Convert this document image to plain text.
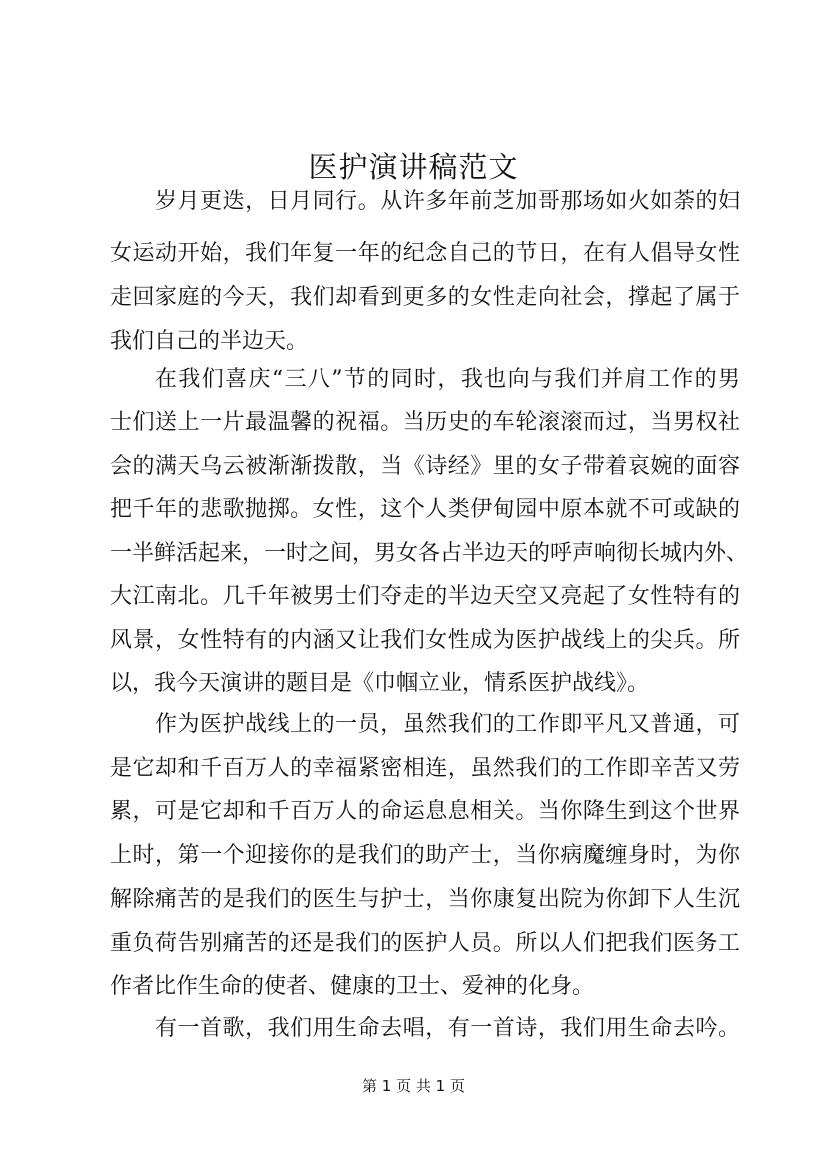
医护演讲稿范文
岁月更迭，日月同行。从许多年前芝加哥那场如火如荼的妇
女运动开始，我们年复一年的纪念自己的节日，在有人倡导女性
走回家庭的今天，我们却看到更多的女性走向社会，撑起了属于
我们自己的半边天。
在我们喜庆“三八”节的同时，我也向与我们并肩工作的男
士们送上一片最温馨的祝福。当历史的车轮滚滚而过，当男权社
会的满天乌云被渐渐拨散，当《诗经》里的女子带着哀婉的面容
把千年的悲歌抛掷。女性，这个人类伊甸园中原本就不可或缺的
一半鲜活起来，一时之间，男女各占半边天的呼声响彻长城内外、
大江南北。几千年被男士们夺走的半边天空又亮起了女性特有的
风景，女性特有的内涵又让我们女性成为医护战线上的尖兵。所
以，我今天演讲的题目是《巾帼立业，情系医护战线》。
作为医护战线上的一员，虽然我们的工作即平凡又普通，可
是它却和千百万人的幸福紧密相连，虽然我们的工作即辛苦又劳
累，可是它却和千百万人的命运息息相关。当你降生到这个世界
上时，第一个迎接你的是我们的助产士，当你病魔缠身时，为你
解除痛苦的是我们的医生与护士，当你康复出院为你卸下人生沉
重负荷告别痛苦的还是我们的医护人员。所以人们把我们医务工
作者比作生命的使者、健康的卫士、爱神的化身。
有一首歌，我们用生命去唱，有一首诗，我们用生命去吟。
第 1 页 共 1 页
